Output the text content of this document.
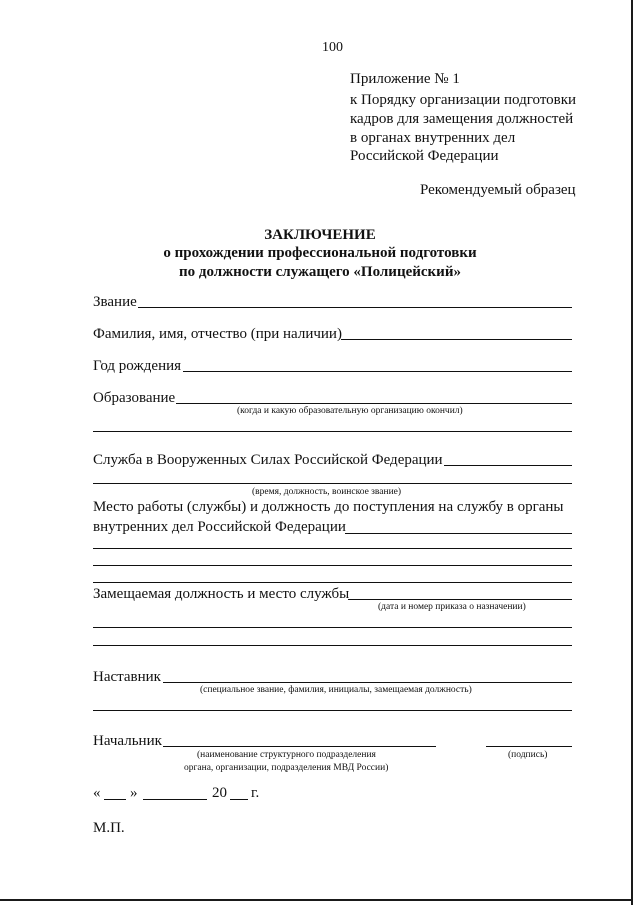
100
Приложение № 1
к Порядку организации подготовки
кадров для замещения должностей
в органах внутренних дел
Российской Федерации
Рекомендуемый образец
ЗАКЛЮЧЕНИЕ
о прохождении профессиональной подготовки
по должности служащего «Полицейский»
Звание
Фамилия, имя, отчество (при наличии)
Год рождения
Образование
(когда и какую образовательную организацию окончил)
Служба в Вооруженных Силах Российской Федерации
(время, должность, воинское звание)
Место работы (службы) и должность до поступления на службу в органы
внутренних дел Российской Федерации
Замещаемая должность и место службы
(дата и номер приказа о назначении)
Наставник
(специальное звание, фамилия, инициалы, замещаемая должность)
Начальник
(наименование структурного подразделения
органа, организации, подразделения МВД России)
(подпись)
« »	20 г.
М.П.
